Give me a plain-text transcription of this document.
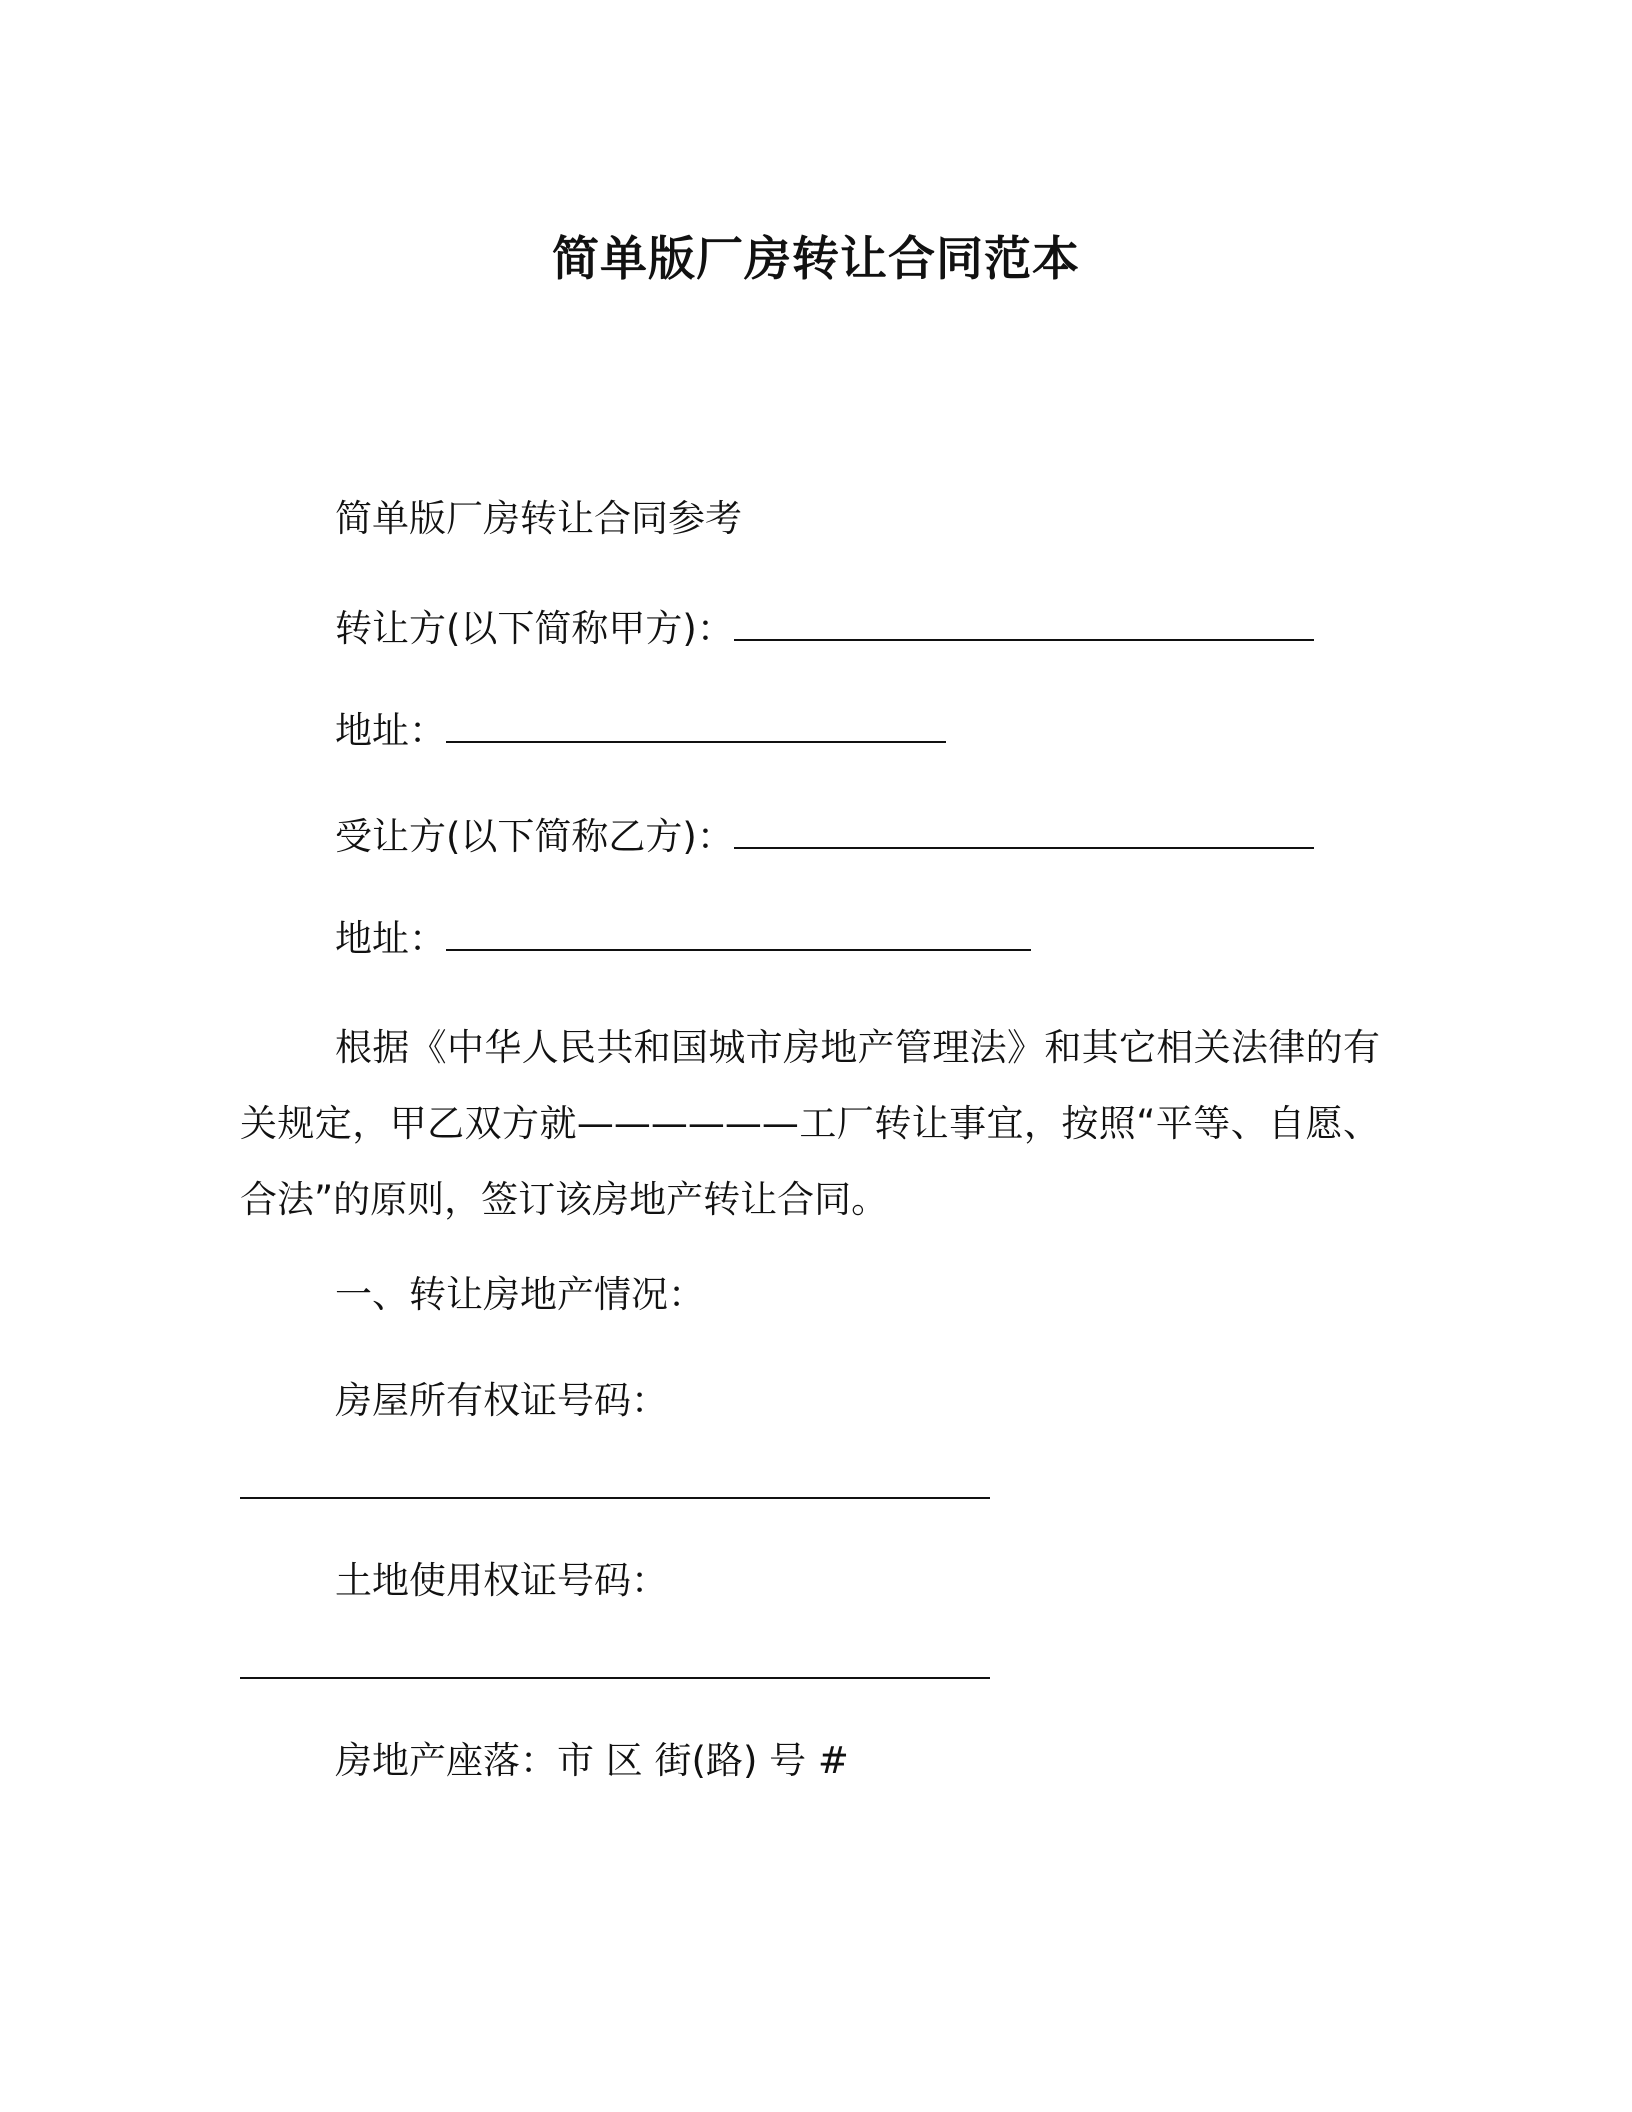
简单版厂房转让合同范本
简单版厂房转让合同参考
转让方(以下简称甲方)：
地址：
受让方(以下简称乙方)：
地址：
根据《中华人民共和国城市房地产管理法》和其它相关法律的有关规定，甲乙双方就——————工厂转让事宜，按照“平等、自愿、合法”的原则，签订该房地产转让合同。
一、转让房地产情况：
房屋所有权证号码：
土地使用权证号码：
房地产座落：市 区 街(路) 号 #
